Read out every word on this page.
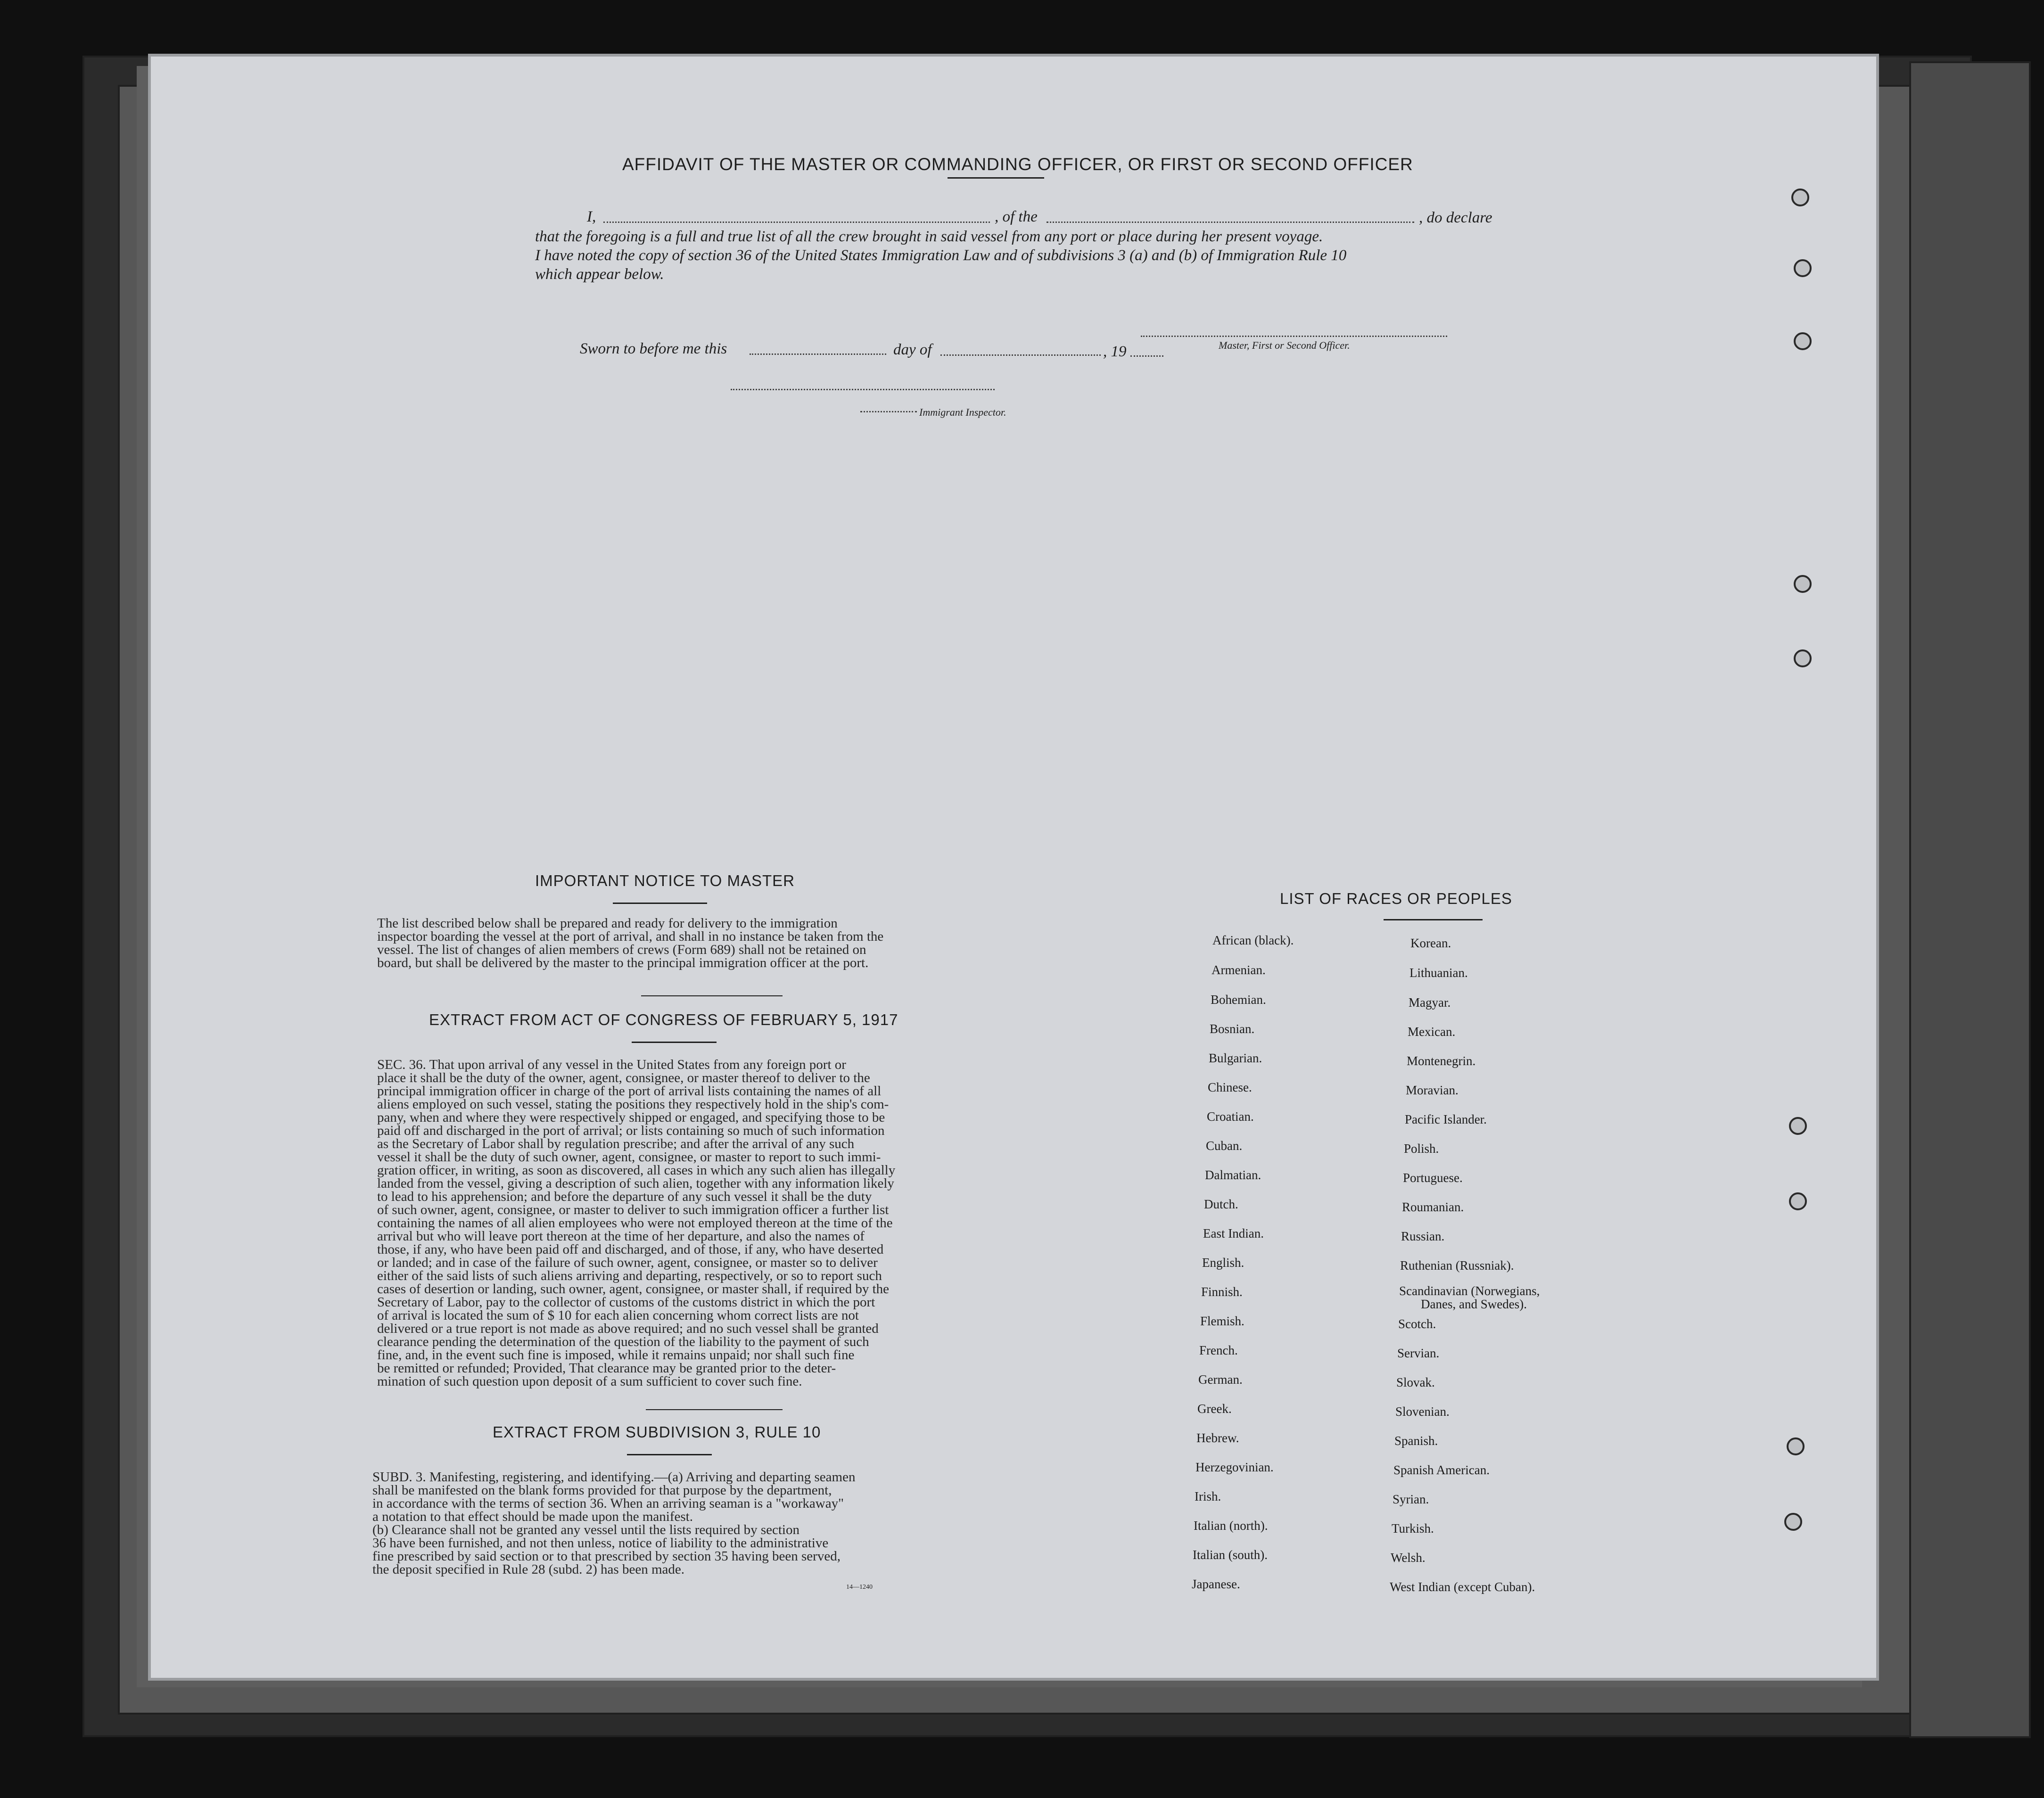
AFFIDAVIT OF THE MASTER OR COMMANDING OFFICER, OR FIRST OR SECOND OFFICER
I,	, of the	, do declare
that the foregoing is a full and true list of all the crew brought in said vessel from any port or place during her present voyage.
I have noted the copy of section 36 of the United States Immigration Law and of subdivisions 3 (a) and (b) of Immigration Rule 10
which appear below.
Master, First or Second Officer.
Sworn to before me this	day of	, 19
Immigrant Inspector.
IMPORTANT NOTICE TO MASTER
The list described below shall be prepared and ready for delivery to the immigration
inspector boarding the vessel at the port of arrival, and shall in no instance be taken from the
vessel. The list of changes of alien members of crews (Form 689) shall not be retained on
board, but shall be delivered by the master to the principal immigration officer at the port.
EXTRACT FROM ACT OF CONGRESS OF FEBRUARY 5, 1917
SEC. 36. That upon arrival of any vessel in the United States from any foreign port or
place it shall be the duty of the owner, agent, consignee, or master thereof to deliver to the
principal immigration officer in charge of the port of arrival lists containing the names of all
aliens employed on such vessel, stating the positions they respectively hold in the ship's com-
pany, when and where they were respectively shipped or engaged, and specifying those to be
paid off and discharged in the port of arrival; or lists containing so much of such information
as the Secretary of Labor shall by regulation prescribe; and after the arrival of any such
vessel it shall be the duty of such owner, agent, consignee, or master to report to such immi-
gration officer, in writing, as soon as discovered, all cases in which any such alien has illegally
landed from the vessel, giving a description of such alien, together with any information likely
to lead to his apprehension; and before the departure of any such vessel it shall be the duty
of such owner, agent, consignee, or master to deliver to such immigration officer a further list
containing the names of all alien employees who were not employed thereon at the time of the
arrival but who will leave port thereon at the time of her departure, and also the names of
those, if any, who have been paid off and discharged, and of those, if any, who have deserted
or landed; and in case of the failure of such owner, agent, consignee, or master so to deliver
either of the said lists of such aliens arriving and departing, respectively, or so to report such
cases of desertion or landing, such owner, agent, consignee, or master shall, if required by the
Secretary of Labor, pay to the collector of customs of the customs district in which the port
of arrival is located the sum of $ 10 for each alien concerning whom correct lists are not
delivered or a true report is not made as above required; and no such vessel shall be granted
clearance pending the determination of the question of the liability to the payment of such
fine, and, in the event such fine is imposed, while it remains unpaid; nor shall such fine
be remitted or refunded; Provided, That clearance may be granted prior to the deter-
mination of such question upon deposit of a sum sufficient to cover such fine.
EXTRACT FROM SUBDIVISION 3, RULE 10
SUBD. 3. Manifesting, registering, and identifying.—(a) Arriving and departing seamen
shall be manifested on the blank forms provided for that purpose by the department,
in accordance with the terms of section 36. When an arriving seaman is a "workaway"
a notation to that effect should be made upon the manifest.
(b) Clearance shall not be granted any vessel until the lists required by section
36 have been furnished, and not then unless, notice of liability to the administrative
fine prescribed by said section or to that prescribed by section 35 having been served,
the deposit specified in Rule 28 (subd. 2) has been made.
14—1240
LIST OF RACES OR PEOPLES
African (black).
Armenian.
Bohemian.
Bosnian.
Bulgarian.
Chinese.
Croatian.
Cuban.
Dalmatian.
Dutch.
East Indian.
English.
Finnish.
Flemish.
French.
German.
Greek.
Hebrew.
Herzegovinian.
Irish.
Italian (north).
Italian (south).
Japanese.
Korean.
Lithuanian.
Magyar.
Mexican.
Montenegrin.
Moravian.
Pacific Islander.
Polish.
Portuguese.
Roumanian.
Russian.
Ruthenian (Russniak).
Scandinavian (Norwegians,
Danes, and Swedes).
Scotch.
Servian.
Slovak.
Slovenian.
Spanish.
Spanish American.
Syrian.
Turkish.
Welsh.
West Indian (except Cuban).
